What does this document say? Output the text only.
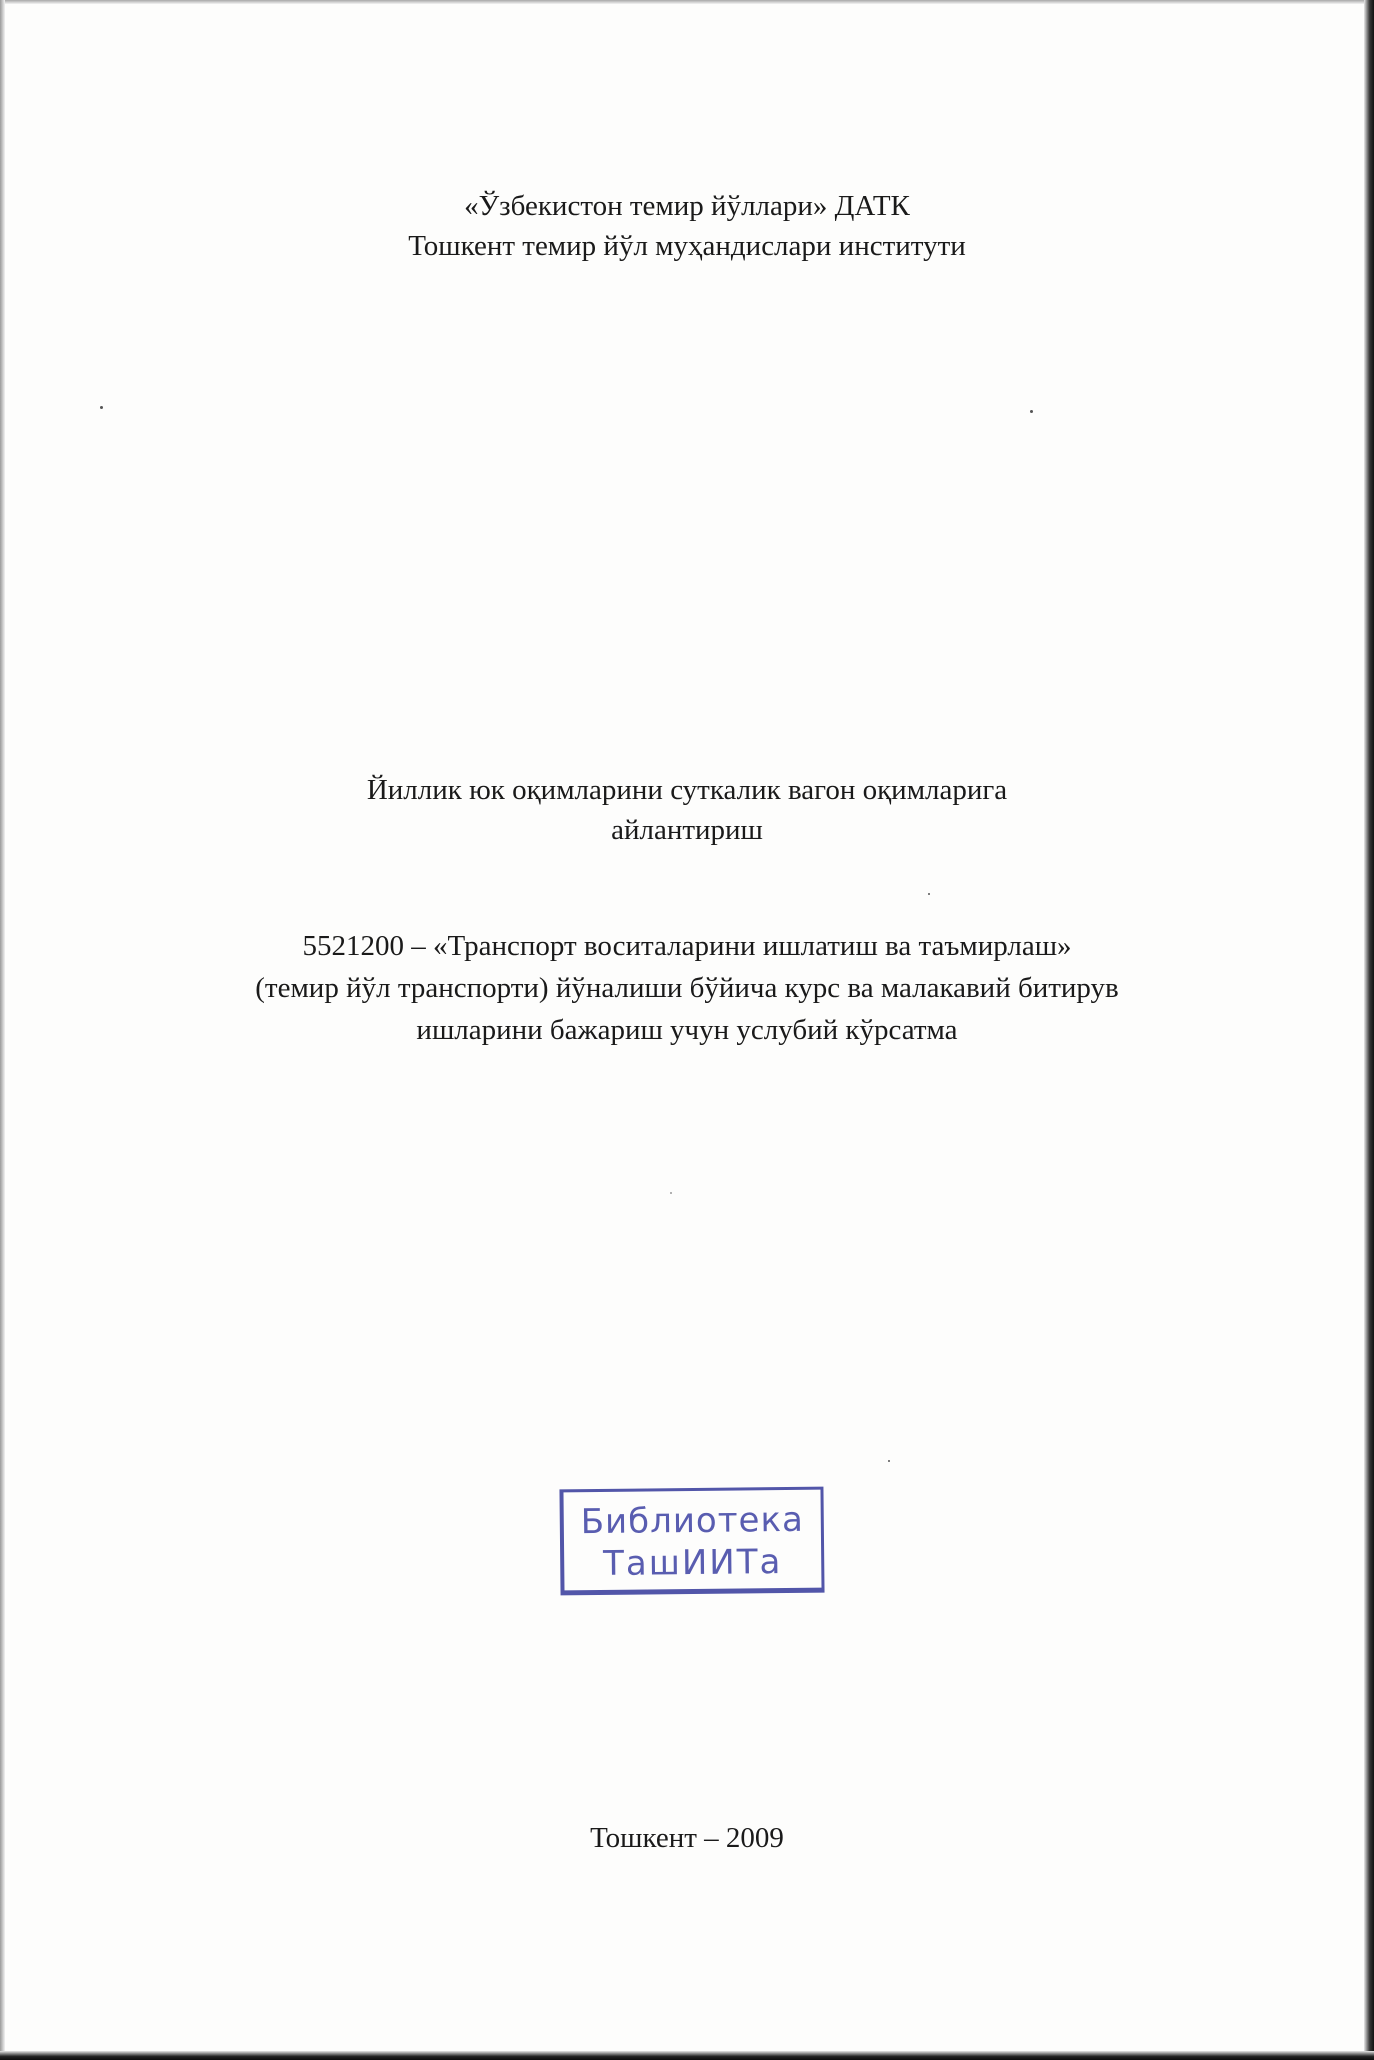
«Ўзбекистон темир йўллари» ДАТК
Тошкент темир йўл муҳандислари институти
Йиллик юк оқимларини суткалик вагон оқимларига
айлантириш
5521200 – «Транспорт воситаларини ишлатиш ва таъмирлаш»
(темир йўл транспорти) йўналиши бўйича курс ва малакавий битирув
ишларини бажариш учун услубий кўрсатма
Библиотека
ТашИИТа
Тошкент – 2009
